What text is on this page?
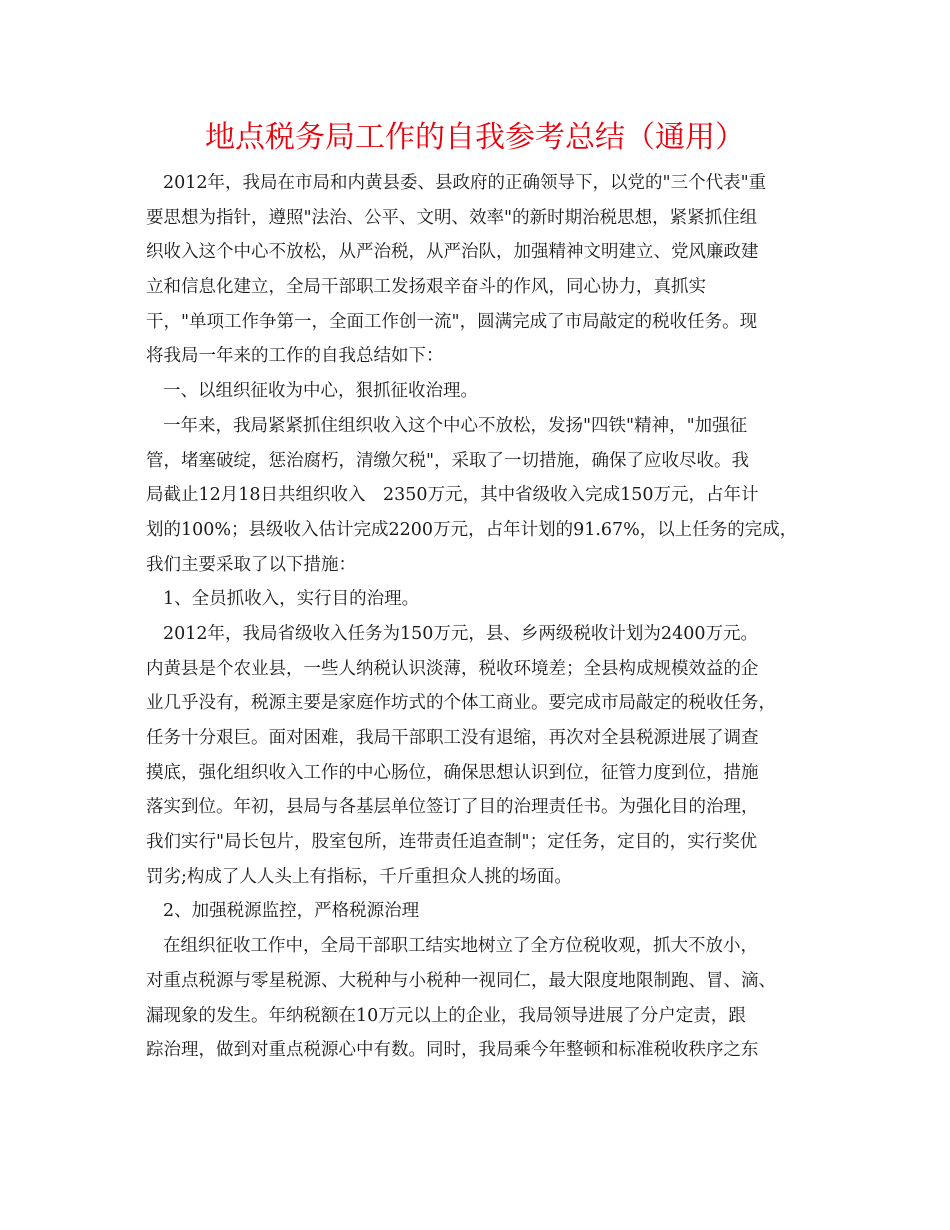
地点税务局工作的自我参考总结（通用）
2012年，我局在市局和内黄县委、县政府的正确领导下，以党的"三个代表"重
要思想为指针，遵照"法治、公平、文明、效率"的新时期治税思想，紧紧抓住组
织收入这个中心不放松，从严治税，从严治队，加强精神文明建立、党风廉政建
立和信息化建立，全局干部职工发扬艰辛奋斗的作风，同心协力，真抓实
干，"单项工作争第一，全面工作创一流"，圆满完成了市局敲定的税收任务。现
将我局一年来的工作的自我总结如下：
一、以组织征收为中心，狠抓征收治理。
一年来，我局紧紧抓住组织收入这个中心不放松，发扬"四铁"精神，"加强征
管，堵塞破绽，惩治腐朽，清缴欠税"，采取了一切措施，确保了应收尽收。我
局截止12月18日共组织收入　2350万元，其中省级收入完成150万元，占年计
划的100%；县级收入估计完成2200万元，占年计划的91.67%，以上任务的完成，
我们主要采取了以下措施：
1、全员抓收入，实行目的治理。
2012年，我局省级收入任务为150万元，县、乡两级税收计划为2400万元。
内黄县是个农业县，一些人纳税认识淡薄，税收环境差；全县构成规模效益的企
业几乎没有，税源主要是家庭作坊式的个体工商业。要完成市局敲定的税收任务，
任务十分艰巨。面对困难，我局干部职工没有退缩，再次对全县税源进展了调查
摸底，强化组织收入工作的中心肠位，确保思想认识到位，征管力度到位，措施
落实到位。年初，县局与各基层单位签订了目的治理责任书。为强化目的治理，
我们实行"局长包片，股室包所，连带责任追查制"；定任务，定目的，实行奖优
罚劣;构成了人人头上有指标，千斤重担众人挑的场面。
2、加强税源监控，严格税源治理
在组织征收工作中，全局干部职工结实地树立了全方位税收观，抓大不放小，
对重点税源与零星税源、大税种与小税种一视同仁，最大限度地限制跑、冒、滴、
漏现象的发生。年纳税额在10万元以上的企业，我局领导进展了分户定责，跟
踪治理，做到对重点税源心中有数。同时，我局乘今年整顿和标准税收秩序之东
